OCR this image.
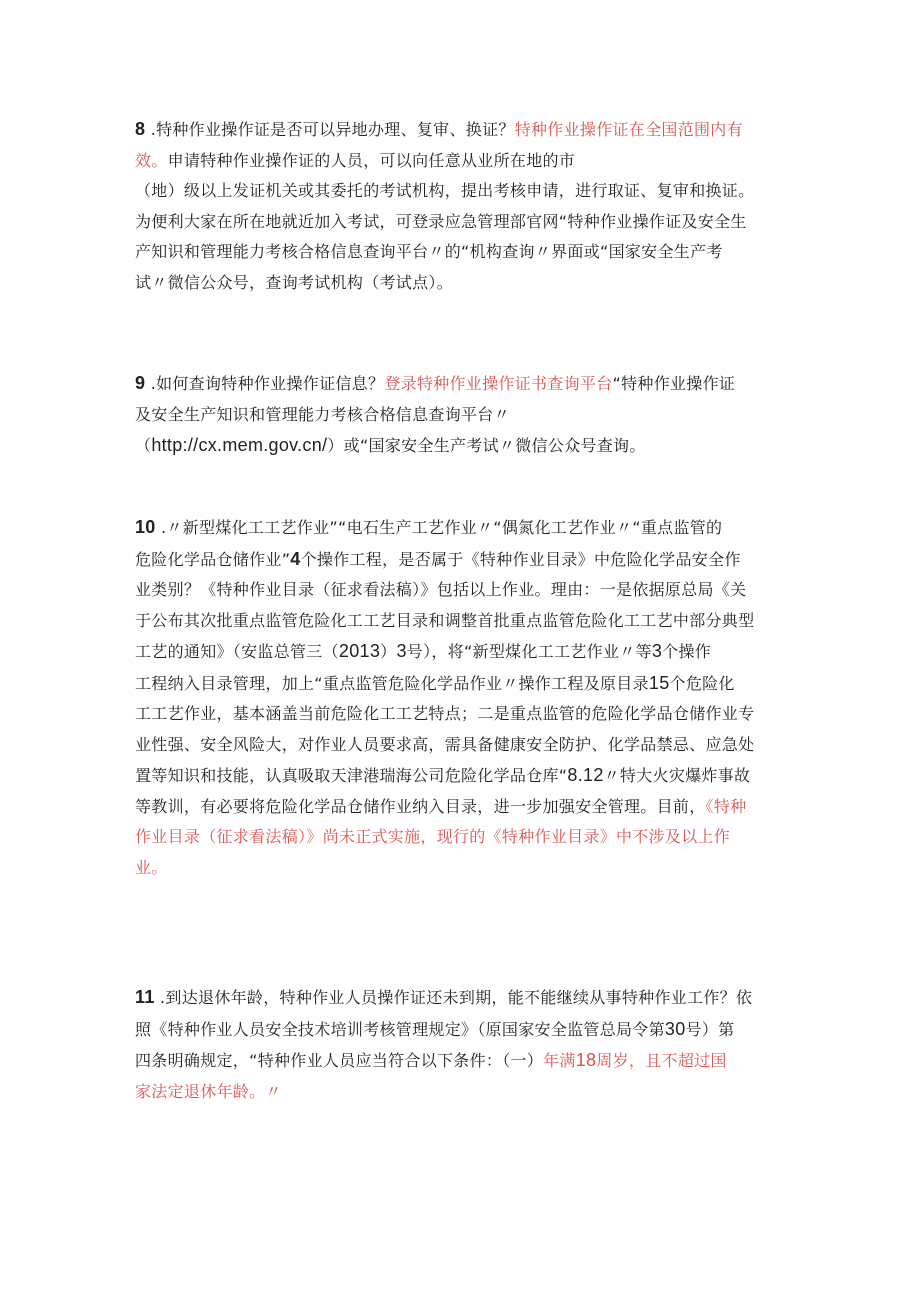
8 .特种作业操作证是否可以异地办理、复审、换证？特种作业操作证在全国范围内有
效。申请特种作业操作证的人员，可以向任意从业所在地的市
（地）级以上发证机关或其委托的考试机构，提出考核申请，进行取证、复审和换证。
为便利大家在所在地就近加入考试，可登录应急管理部官网“特种作业操作证及安全生
产知识和管理能力考核合格信息查询平台〃的“机构查询〃界面或“国家安全生产考
试〃微信公众号，查询考试机构（考试点）。
9 .如何查询特种作业操作证信息？登录特种作业操作证书查询平台“特种作业操作证
及安全生产知识和管理能力考核合格信息查询平台〃
（http://cx.mem.gov.cn/）或“国家安全生产考试〃微信公众号查询。
10 .〃新型煤化工工艺作业”“电石生产工艺作业〃“偶氮化工艺作业〃“重点监管的
危险化学品仓储作业”4个操作工程，是否属于《特种作业目录》中危险化学品安全作
业类别？《特种作业目录（征求看法稿）》包括以上作业。理由：一是依据原总局《关
于公布其次批重点监管危险化工工艺目录和调整首批重点监管危险化工工艺中部分典型
工艺的通知》（安监总管三（2013）3号），将“新型煤化工工艺作业〃等3个操作
工程纳入目录管理，加上“重点监管危险化学品作业〃操作工程及原目录15个危险化
工工艺作业，基本涵盖当前危险化工工艺特点；二是重点监管的危险化学品仓储作业专
业性强、安全风险大，对作业人员要求高，需具备健康安全防护、化学品禁忌、应急处
置等知识和技能，认真吸取天津港瑞海公司危险化学品仓库“8.12〃特大火灾爆炸事故
等教训，有必要将危险化学品仓储作业纳入目录，进一步加强安全管理。目前，《特种
作业目录（征求看法稿）》尚未正式实施，现行的《特种作业目录》中不涉及以上作
业。
11 .到达退休年龄，特种作业人员操作证还未到期，能不能继续从事特种作业工作？依
照《特种作业人员安全技术培训考核管理规定》（原国家安全监管总局令第30号）第
四条明确规定，“特种作业人员应当符合以下条件：（一）年满18周岁，且不超过国
家法定退休年龄。〃
